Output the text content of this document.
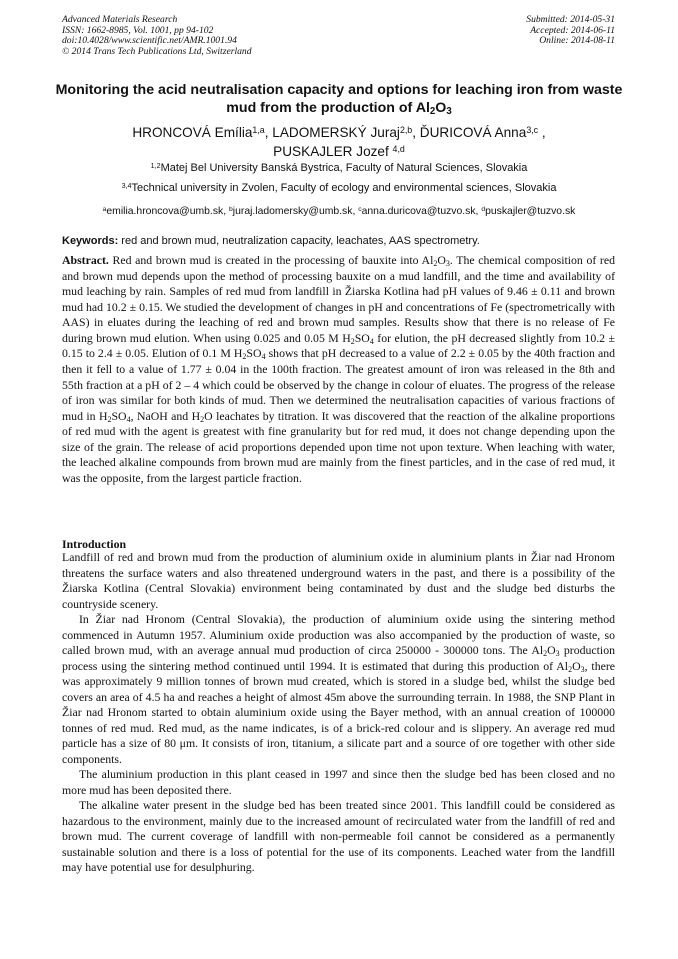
Advanced Materials Research
ISSN: 1662-8985, Vol. 1001, pp 94-102
doi:10.4028/www.scientific.net/AMR.1001.94
© 2014 Trans Tech Publications Ltd, Switzerland
Submitted: 2014-05-31
Accepted: 2014-06-11
Online: 2014-08-11
Monitoring the acid neutralisation capacity and options for leaching iron from waste mud from the production of $Al_2O_3$
HRONCOVÁ Emília$^{1,a}$, LADOMERSKÝ Juraj$^{2,b}$, ĎURICOVÁ Anna$^{3,c}$ ,
PUSKAJLER Jozef $^{4,d}$
$^{1,2}$Matej Bel University Banská Bystrica, Faculty of Natural Sciences, Slovakia
$^{3,4}$Technical university in Zvolen, Faculty of ecology and environmental sciences, Slovakia
$^a$emilia.hroncova@umb.sk, $^b$juraj.ladomersky@umb.sk, $^c$anna.duricova@tuzvo.sk, $^d$puskajler@tuzvo.sk
Keywords: red and brown mud, neutralization capacity, leachates, AAS spectrometry.

Abstract. Red and brown mud is created in the processing of bauxite into $Al_2O_3$. The chemical composition of red and brown mud depends upon the method of processing bauxite on a mud landfill, and the time and availability of mud leaching by rain. Samples of red mud from landfill in Žiarska Kotlina had pH values of 9.46 ± 0.11 and brown mud had 10.2 ± 0.15. We studied the development of changes in pH and concentrations of Fe (spectrometrically with AAS) in eluates during the leaching of red and brown mud samples. Results show that there is no release of Fe during brown mud elution. When using 0.025 and 0.05 M $H_2SO_4$ for elution, the pH decreased slightly from 10.2 ± 0.15 to 2.4 ± 0.05. Elution of 0.1 M $H_2SO_4$ shows that pH decreased to a value of 2.2 ± 0.05 by the 40th fraction and then it fell to a value of 1.77 ± 0.04 in the 100th fraction. The greatest amount of iron was released in the 8th and 55th fraction at a pH of 2 – 4 which could be observed by the change in colour of eluates. The progress of the release of iron was similar for both kinds of mud. Then we determined the neutralisation capacities of various fractions of mud in $H_2SO_4$, NaOH and $H_2O$ leachates by titration. It was discovered that the reaction of the alkaline proportions of red mud with the agent is greatest with fine granularity but for red mud, it does not change depending upon the size of the grain. The release of acid proportions depended upon time not upon texture. When leaching with water, the leached alkaline compounds from brown mud are mainly from the finest particles, and in the case of red mud, it was the opposite, from the largest particle fraction.

Introduction

Landfill of red and brown mud from the production of aluminium oxide in aluminium plants in Žiar nad Hronom threatens the surface waters and also threatened underground waters in the past, and there is a possibility of the Žiarska Kotlina (Central Slovakia) environment being contaminated by dust and the sludge bed disturbs the countryside scenery.

In Žiar nad Hronom (Central Slovakia), the production of aluminium oxide using the sintering method commenced in Autumn 1957. Aluminium oxide production was also accompanied by the production of waste, so called brown mud, with an average annual mud production of circa 250000 - 300000 tons. The $Al_2O_3$ production process using the sintering method continued until 1994. It is estimated that during this production of $Al_2O_3$, there was approximately 9 million tonnes of brown mud created, which is stored in a sludge bed, whilst the sludge bed covers an area of 4.5 ha and reaches a height of almost 45m above the surrounding terrain. In 1988, the SNP Plant in Žiar nad Hronom started to obtain aluminium oxide using the Bayer method, with an annual creation of 100000 tonnes of red mud. Red mud, as the name indicates, is of a brick-red colour and is slippery. An average red mud particle has a size of 80 μm. It consists of iron, titanium, a silicate part and a source of ore together with other side components.

The aluminium production in this plant ceased in 1997 and since then the sludge bed has been closed and no more mud has been deposited there.

The alkaline water present in the sludge bed has been treated since 2001. This landfill could be considered as hazardous to the environment, mainly due to the increased amount of recirculated water from the landfill of red and brown mud. The current coverage of landfill with non-permeable foil cannot be considered as a permanently sustainable solution and there is a loss of potential for the use of its components. Leached water from the landfill may have potential use for desulphuring.
